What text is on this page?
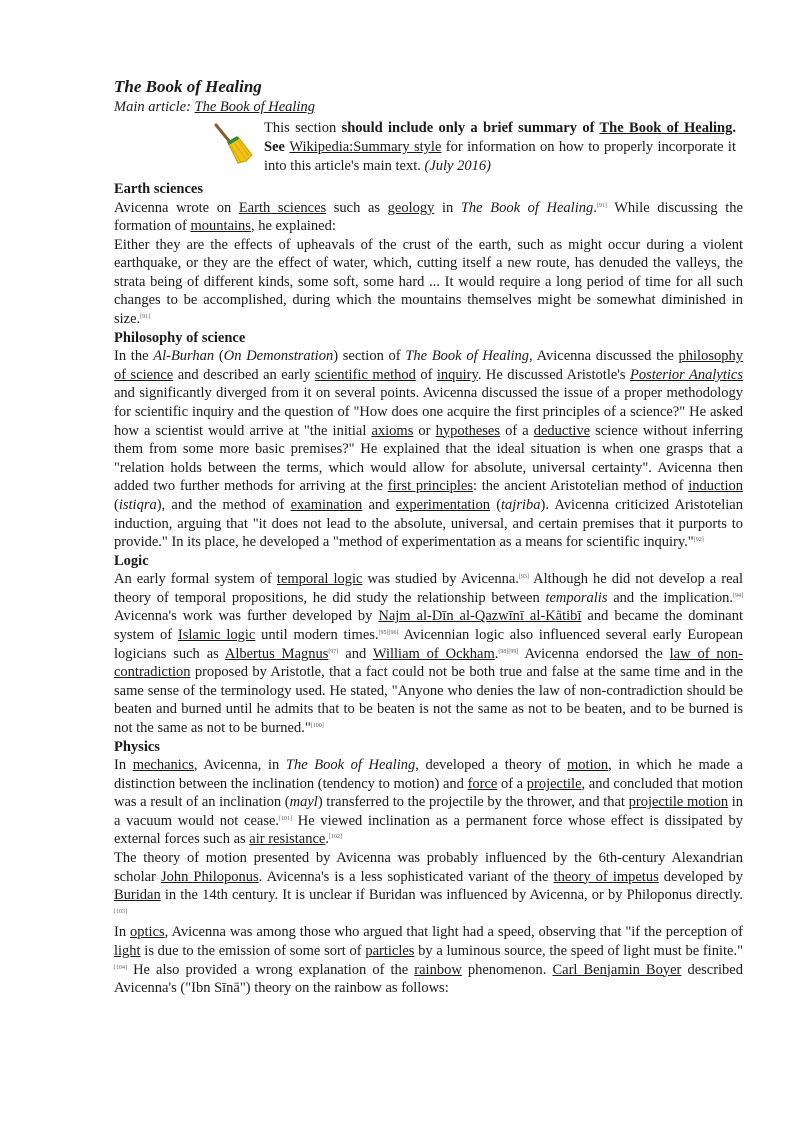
The Book of Healing
Main article: The Book of Healing
This section should include only a brief summary of The Book of Healing. See Wikipedia:Summary style for information on how to properly incorporate it into this article's main text. (July 2016)
Earth sciences

Avicenna wrote on Earth sciences such as geology in The Book of Healing.[91] While discussing the formation of mountains, he explained:

Either they are the effects of upheavals of the crust of the earth, such as might occur during a violent earthquake, or they are the effect of water, which, cutting itself a new route, has denuded the valleys, the strata being of different kinds, some soft, some hard ... It would require a long period of time for all such changes to be accomplished, during which the mountains themselves might be somewhat diminished in size.[91]

Philosophy of science

In the Al-Burhan (On Demonstration) section of The Book of Healing, Avicenna discussed the philosophy of science and described an early scientific method of inquiry. He discussed Aristotle's Posterior Analytics and significantly diverged from it on several points. Avicenna discussed the issue of a proper methodology for scientific inquiry and the question of "How does one acquire the first principles of a science?" He asked how a scientist would arrive at "the initial axioms or hypotheses of a deductive science without inferring them from some more basic premises?" He explained that the ideal situation is when one grasps that a "relation holds between the terms, which would allow for absolute, universal certainty". Avicenna then added two further methods for arriving at the first principles: the ancient Aristotelian method of induction (istiqra), and the method of examination and experimentation (tajriba). Avicenna criticized Aristotelian induction, arguing that "it does not lead to the absolute, universal, and certain premises that it purports to provide." In its place, he developed a "method of experimentation as a means for scientific inquiry."[92]

Logic

An early formal system of temporal logic was studied by Avicenna.[93] Although he did not develop a real theory of temporal propositions, he did study the relationship between temporalis and the implication.[94] Avicenna's work was further developed by Najm al-Dīn al-Qazwīnī al-Kātibī and became the dominant system of Islamic logic until modern times.[95][96] Avicennian logic also influenced several early European logicians such as Albertus Magnus[97] and William of Ockham.[98][99] Avicenna endorsed the law of non-contradiction proposed by Aristotle, that a fact could not be both true and false at the same time and in the same sense of the terminology used. He stated, "Anyone who denies the law of non-contradiction should be beaten and burned until he admits that to be beaten is not the same as not to be beaten, and to be burned is not the same as not to be burned."[100]

Physics

In mechanics, Avicenna, in The Book of Healing, developed a theory of motion, in which he made a distinction between the inclination (tendency to motion) and force of a projectile, and concluded that motion was a result of an inclination (mayl) transferred to the projectile by the thrower, and that projectile motion in a vacuum would not cease.[101] He viewed inclination as a permanent force whose effect is dissipated by external forces such as air resistance.[102]

The theory of motion presented by Avicenna was probably influenced by the 6th-century Alexandrian scholar John Philoponus. Avicenna's is a less sophisticated variant of the theory of impetus developed by Buridan in the 14th century. It is unclear if Buridan was influenced by Avicenna, or by Philoponus directly.[103]

In optics, Avicenna was among those who argued that light had a speed, observing that "if the perception of light is due to the emission of some sort of particles by a luminous source, the speed of light must be finite."[104] He also provided a wrong explanation of the rainbow phenomenon. Carl Benjamin Boyer described Avicenna's ("Ibn Sīnā") theory on the rainbow as follows:
